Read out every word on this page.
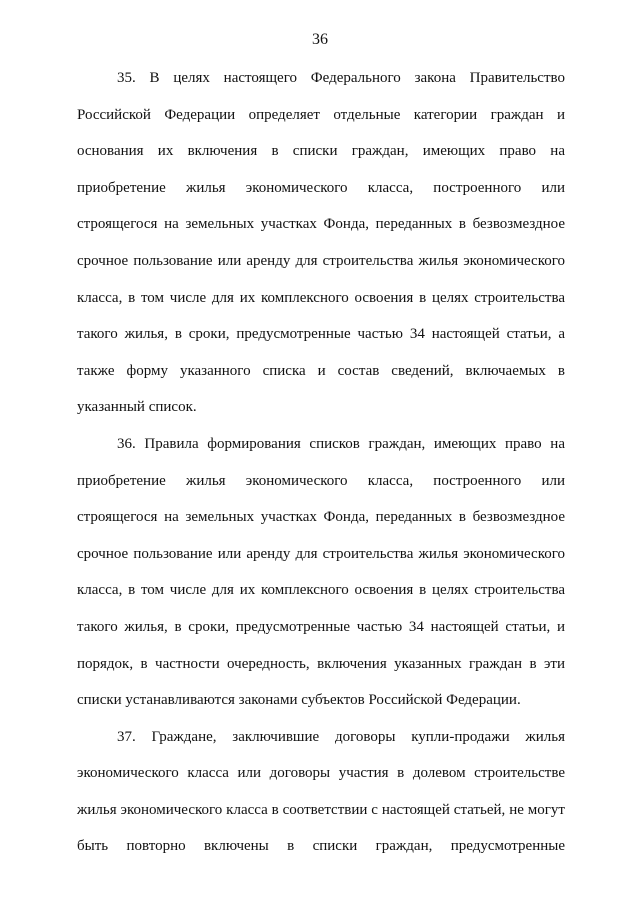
36

35. В целях настоящего Федерального закона Правительство Российской Федерации определяет отдельные категории граждан и основания их включения в списки граждан, имеющих право на приобретение жилья экономического класса, построенного или строящегося на земельных участках Фонда, переданных в безвозмездное срочное пользование или аренду для строительства жилья экономического класса, в том числе для их комплексного освоения в целях строительства такого жилья, в сроки, предусмотренные частью 34 настоящей статьи, а также форму указанного списка и состав сведений, включаемых в указанный список.

36. Правила формирования списков граждан, имеющих право на приобретение жилья экономического класса, построенного или строящегося на земельных участках Фонда, переданных в безвозмездное срочное пользование или аренду для строительства жилья экономического класса, в том числе для их комплексного освоения в целях строительства такого жилья, в сроки, предусмотренные частью 34 настоящей статьи, и порядок, в частности очередность, включения указанных граждан в эти списки устанавливаются законами субъектов Российской Федерации.

37. Граждане, заключившие договоры купли-продажи жилья экономического класса или договоры участия в долевом строительстве жилья экономического класса в соответствии с настоящей статьей, не могут быть повторно включены в списки граждан, предусмотренные
